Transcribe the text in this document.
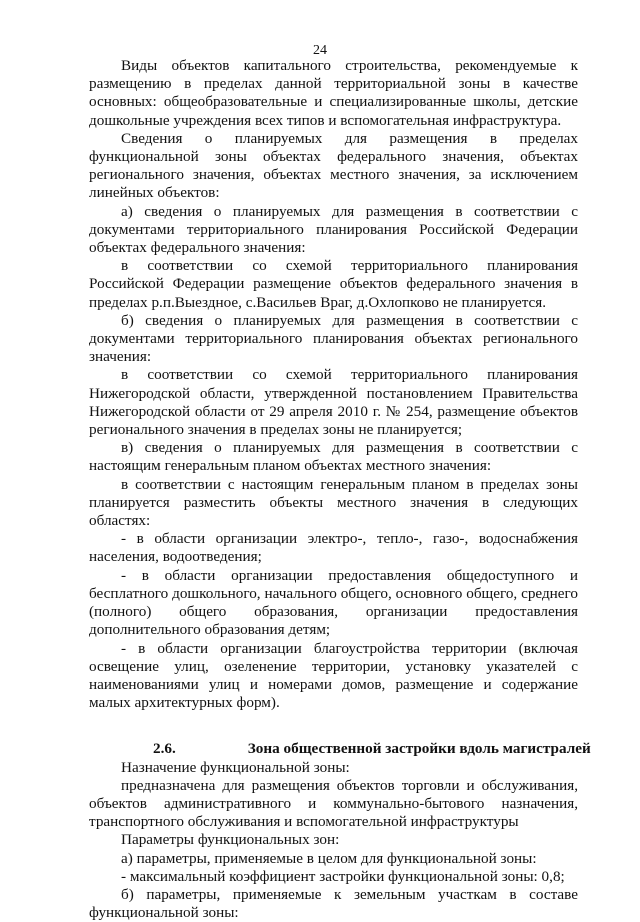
24

Виды объектов капитального строительства, рекомендуемые к размещению в пределах данной территориальной зоны в качестве основных: общеобразовательные и специализированные школы, детские дошкольные учреждения всех типов и вспомогательная инфраструктура.

Сведения о планируемых для размещения в пределах функциональной зоны объектах федерального значения, объектах регионального значения, объектах местного значения, за исключением линейных объектов:

а) сведения о планируемых для размещения в соответствии с документами территориального планирования Российской Федерации объектах федерального значения:

в соответствии со схемой территориального планирования Российской Федерации размещение объектов федерального значения в пределах р.п.Выездное, с.Васильев Враг, д.Охлопково не планируется.

б) сведения о планируемых для размещения в соответствии с документами территориального планирования объектах регионального значения:

в соответствии со схемой территориального планирования Нижегородской области, утвержденной постановлением Правительства Нижегородской области от 29 апреля 2010 г. № 254, размещение объектов регионального значения в пределах зоны не планируется;

в) сведения о планируемых для размещения в соответствии с настоящим генеральным планом объектах местного значения:

в соответствии с настоящим генеральным планом в пределах зоны планируется разместить объекты местного значения в следующих областях:

- в области организации электро-, тепло-, газо-, водоснабжения населения, водоотведения;

- в области организации предоставления общедоступного и бесплатного дошкольного, начального общего, основного общего, среднего (полного) общего образования, организации предоставления дополнительного образования детям;

- в области организации благоустройства территории (включая освещение улиц, озеленение территории, установку указателей с наименованиями улиц и номерами домов, размещение и содержание малых архитектурных форм).

2.6.	Зона общественной застройки вдоль магистралей

Назначение функциональной зоны:

предназначена для размещения объектов торговли и обслуживания, объектов административного и коммунально-бытового назначения, транспортного обслуживания и вспомогательной инфраструктуры

Параметры функциональных зон:

а) параметры, применяемые в целом для функциональной зоны:

- максимальный коэффициент застройки функциональной зоны: 0,8;

б) параметры, применяемые к земельным участкам в составе функциональной зоны:
